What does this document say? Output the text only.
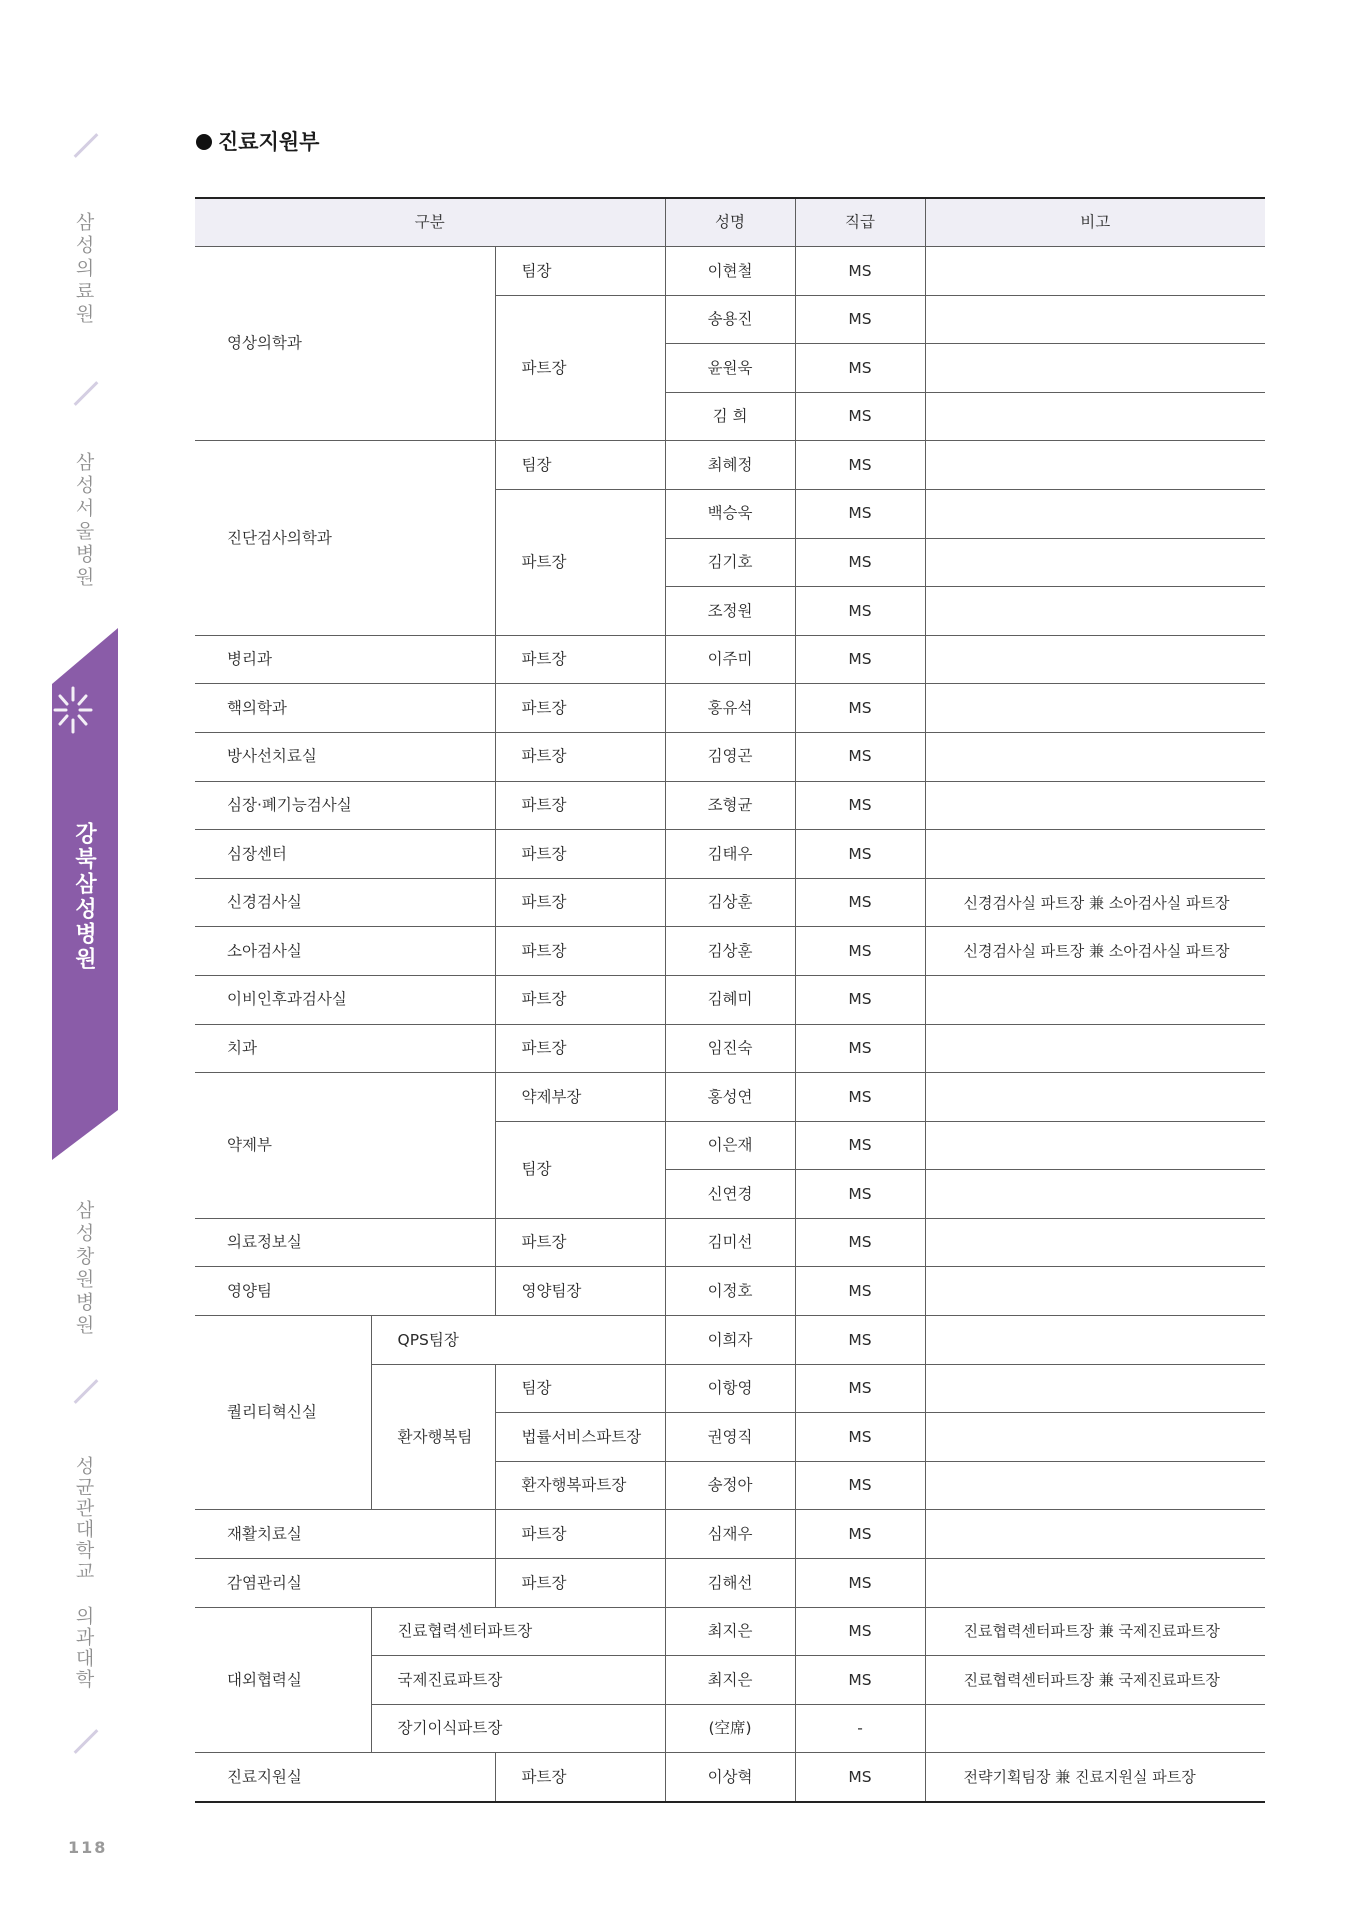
삼성의료원
삼성서울병원
강북삼성병원
삼성창원병원
성균관대학교 의과대학
118
진료지원부
구분			성명	직급	비고
영상의학과		팀장	이현철	MS	
		파트장	송용진	MS	
			윤원욱	MS	
			김 희	MS	
진단검사의학과		팀장	최혜정	MS	
		파트장	백승욱	MS	
			김기호	MS	
			조정원	MS	
병리과		파트장	이주미	MS	
핵의학과		파트장	홍유석	MS	
방사선치료실		파트장	김영곤	MS	
심장·폐기능검사실		파트장	조형균	MS	
심장센터		파트장	김태우	MS	
신경검사실		파트장	김상훈	MS	신경검사실 파트장 兼 소아검사실 파트장
소아검사실		파트장	김상훈	MS	신경검사실 파트장 兼 소아검사실 파트장
이비인후과검사실		파트장	김혜미	MS	
치과		파트장	임진숙	MS	
약제부		약제부장	홍성연	MS	
		팀장	이은재	MS	
			신연경	MS	
의료정보실		파트장	김미선	MS	
영양팀		영양팀장	이정호	MS	
퀄리티혁신실	QPS팀장		이희자	MS	
	환자행복팀	팀장	이항영	MS	
		법률서비스파트장	권영직	MS	
		환자행복파트장	송정아	MS	
재활치료실		파트장	심재우	MS	
감염관리실		파트장	김해선	MS	
대외협력실	진료협력센터파트장		최지은	MS	진료협력센터파트장 兼 국제진료파트장
	국제진료파트장		최지은	MS	진료협력센터파트장 兼 국제진료파트장
	장기이식파트장		(空席)	-	
진료지원실		파트장	이상혁	MS	전략기획팀장 兼 진료지원실 파트장
